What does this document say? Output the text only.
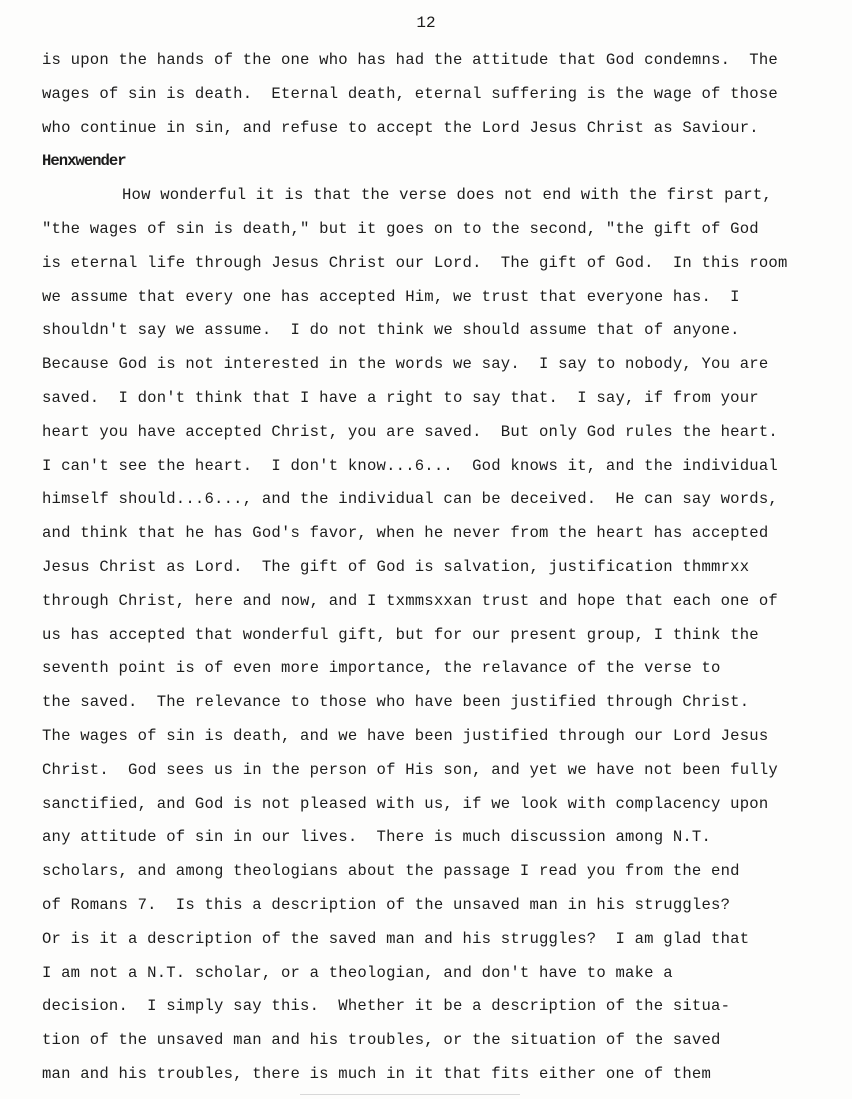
12
is upon the hands of the one who has had the attitude that God condemns.  The
wages of sin is death.  Eternal death, eternal suffering is the wage of those
who continue in sin, and refuse to accept the Lord Jesus Christ as Saviour.
Henxwender
How wonderful it is that the verse does not end with the first part,
"the wages of sin is death," but it goes on to the second, "the gift of God
is eternal life through Jesus Christ our Lord.  The gift of God.  In this room
we assume that every one has accepted Him, we trust that everyone has.  I
shouldn't say we assume.  I do not think we should assume that of anyone.
Because God is not interested in the words we say.  I say to nobody, You are
saved.  I don't think that I have a right to say that.  I say, if from your
heart you have accepted Christ, you are saved.  But only God rules the heart.
I can't see the heart.  I don't know...6...  God knows it, and the individual
himself should...6..., and the individual can be deceived.  He can say words,
and think that he has God's favor, when he never from the heart has accepted
Jesus Christ as Lord.  The gift of God is salvation, justification thmmrxx
through Christ, here and now, and I txmmsxxan trust and hope that each one of
us has accepted that wonderful gift, but for our present group, I think the
seventh point is of even more importance, the relavance of the verse to
the saved.  The relevance to those who have been justified through Christ.
The wages of sin is death, and we have been justified through our Lord Jesus
Christ.  God sees us in the person of His son, and yet we have not been fully
sanctified, and God is not pleased with us, if we look with complacency upon
any attitude of sin in our lives.  There is much discussion among N.T.
scholars, and among theologians about the passage I read you from the end
of Romans 7.  Is this a description of the unsaved man in his struggles?
Or is it a description of the saved man and his struggles?  I am glad that
I am not a N.T. scholar, or a theologian, and don't have to make a
decision.  I simply say this.  Whether it be a description of the situa-
tion of the unsaved man and his troubles, or the situation of the saved
man and his troubles, there is much in it that fits either one of them
